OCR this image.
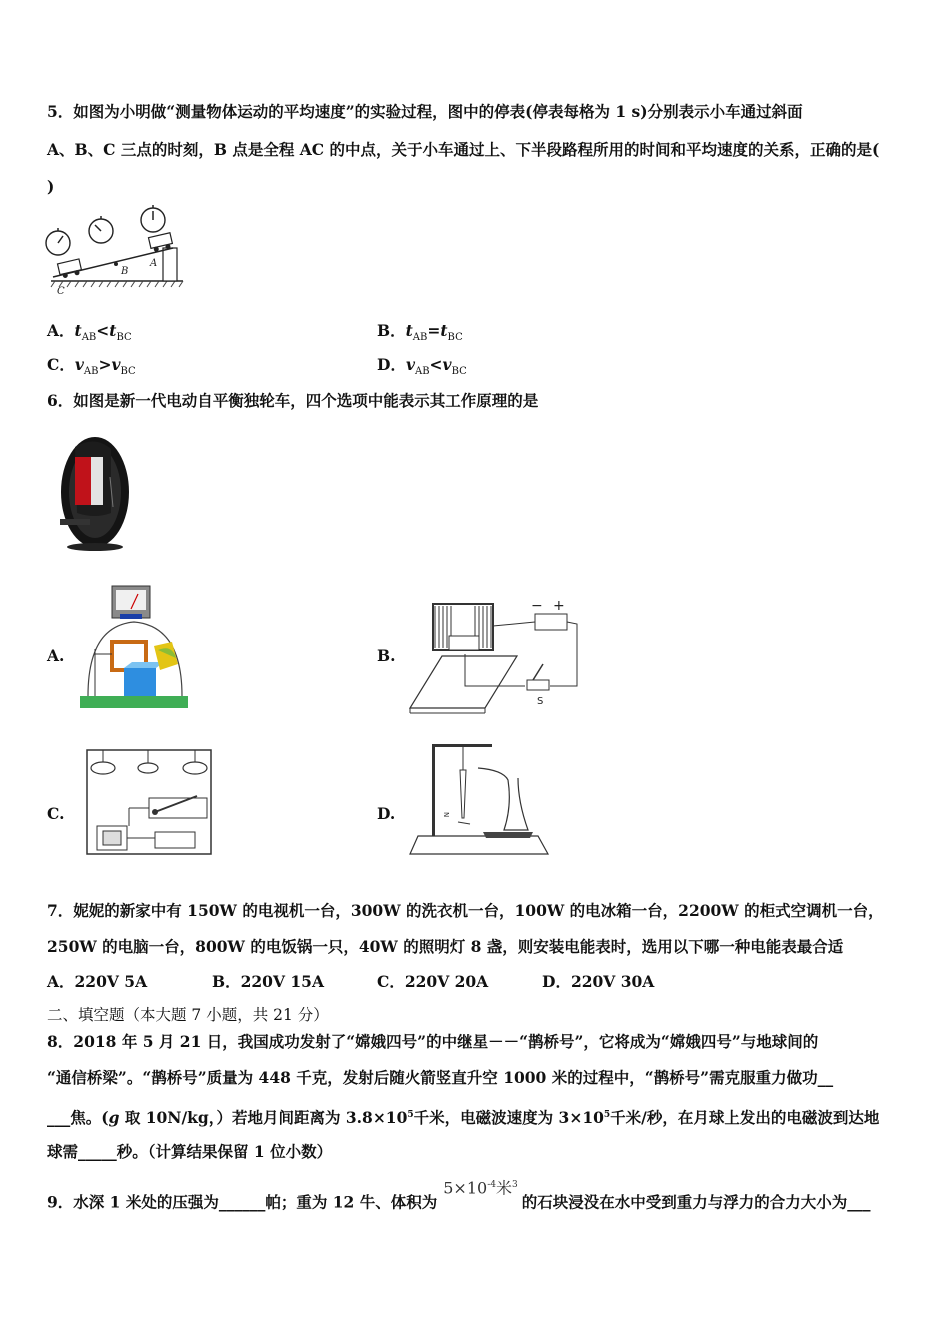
5．如图为小明做“测量物体运动的平均速度”的实验过程，图中的停表(停表每格为 1 s)分别表示小车通过斜面
A、B、C 三点的时刻，B 点是全程 AC 的中点，关于小车通过上、下半段路程所用的时间和平均速度的关系，正确的是(
)
B
A
C
A．$t_{AB}<t_{BC}$	B．$t_{AB}=t_{BC}$
C．$v_{AB}>v_{BC}$	D．$v_{AB}<v_{BC}$
6．如图是新一代电动自平衡独轮车，四个选项中能表示其工作原理的是
A.	B.
C.	D.
− +
S
N
7．妮妮的新家中有 150W 的电视机一台，300W 的洗衣机一台，100W 的电冰箱一台，2200W 的柜式空调机一台，
250W 的电脑一台，800W 的电饭锅一只，40W 的照明灯 8 盏，则安装电能表时，选用以下哪一种电能表最合适
A．220V 5A	B．220V 15A	C．220V 20A	D．220V 30A
二、填空题（本大题 7 小题，共 21 分）
8．2018 年 5 月 21 日，我国成功发射了“嫦娥四号”的中继星－－“鹊桥号”，它将成为“嫦娥四号”与地球间的
“通信桥梁”。“鹊桥号”质量为 448 千克，发射后随火箭竖直升空 1000 米的过程中，“鹊桥号”需克服重力做功__
___焦。(g 取 10N/kg，）若地月间距离为 $3.8\times 10^5$千米，电磁波速度为 $3\times 10^5$千米/秒，在月球上发出的电磁波到达地
球需_____秒。（计算结果保留 1 位小数）
9．水深 1 米处的压强为______帕；重为 12 牛、体积为$5\times 10^{-4}$米$^3$的石块浸没在水中受到重力与浮力的合力大小为___
